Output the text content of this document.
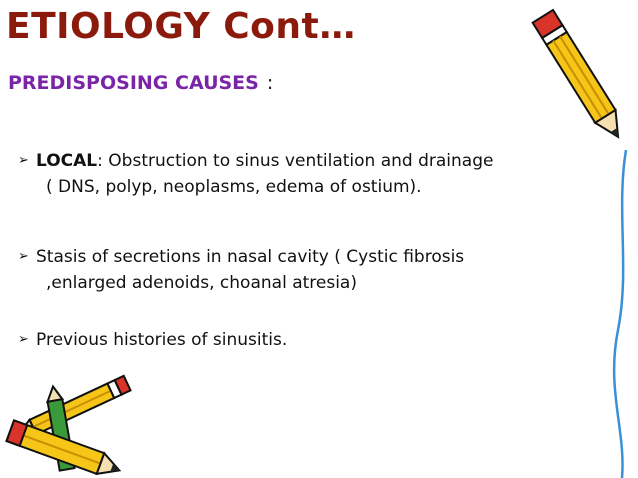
ETIOLOGY Cont…
PREDISPOSING CAUSES :
➢ LOCAL: Obstruction to sinus ventilation and drainage
( DNS, polyp, neoplasms, edema of ostium).
➢ Stasis of secretions in nasal cavity ( Cystic fibrosis
,enlarged adenoids, choanal atresia)
➢ Previous histories of sinusitis.
